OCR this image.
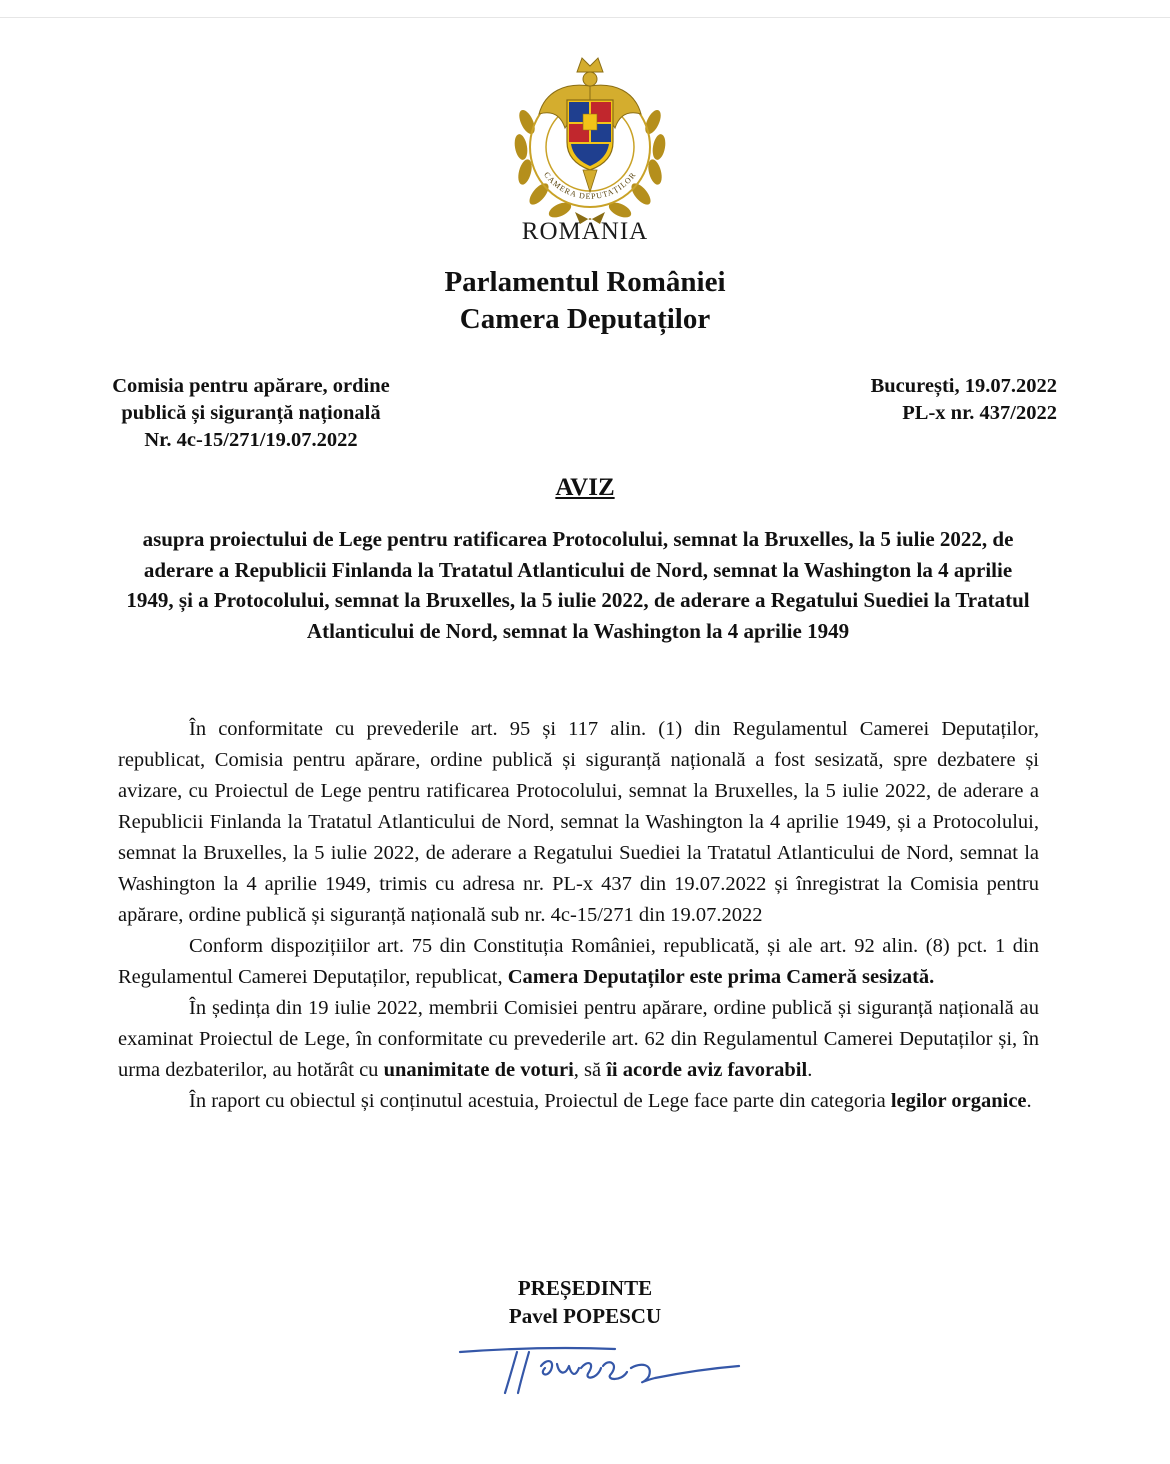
CAMERA DEPUTAȚILOR
ROMANIA
Parlamentul României
Camera Deputaților
Comisia pentru apărare, ordine
publică și siguranță națională
Nr. 4c-15/271/19.07.2022
București, 19.07.2022
PL-x nr. 437/2022
AVIZ
asupra proiectului de Lege pentru ratificarea Protocolului, semnat la Bruxelles, la 5 iulie 2022, de aderare a Republicii Finlanda la Tratatul Atlanticului de Nord, semnat la Washington la 4 aprilie 1949, și a Protocolului, semnat la Bruxelles, la 5 iulie 2022, de aderare a Regatului Suediei la Tratatul Atlanticului de Nord, semnat la Washington la 4 aprilie 1949

În conformitate cu prevederile art. 95 și 117 alin. (1) din Regulamentul Camerei Deputaților, republicat, Comisia pentru apărare, ordine publică și siguranță națională a fost sesizată, spre dezbatere și avizare, cu Proiectul de Lege pentru ratificarea Protocolului, semnat la Bruxelles, la 5 iulie 2022, de aderare a Republicii Finlanda la Tratatul Atlanticului de Nord, semnat la Washington la 4 aprilie 1949, și a Protocolului, semnat la Bruxelles, la 5 iulie 2022, de aderare a Regatului Suediei la Tratatul Atlanticului de Nord, semnat la Washington la 4 aprilie 1949, trimis cu adresa nr. PL-x 437 din 19.07.2022 și înregistrat la Comisia pentru apărare, ordine publică și siguranță națională sub nr. 4c-15/271 din 19.07.2022

Conform dispozițiilor art. 75 din Constituția României, republicată, și ale art. 92 alin. (8) pct. 1 din Regulamentul Camerei Deputaților, republicat, Camera Deputaților este prima Cameră sesizată.

În ședința din 19 iulie 2022, membrii Comisiei pentru apărare, ordine publică și siguranță națională au examinat Proiectul de Lege, în conformitate cu prevederile art. 62 din Regulamentul Camerei Deputaților și, în urma dezbaterilor, au hotărât cu unanimitate de voturi, să îi acorde aviz favorabil.

În raport cu obiectul și conținutul acestuia, Proiectul de Lege face parte din categoria legilor organice.

PREȘEDINTE
Pavel POPESCU
